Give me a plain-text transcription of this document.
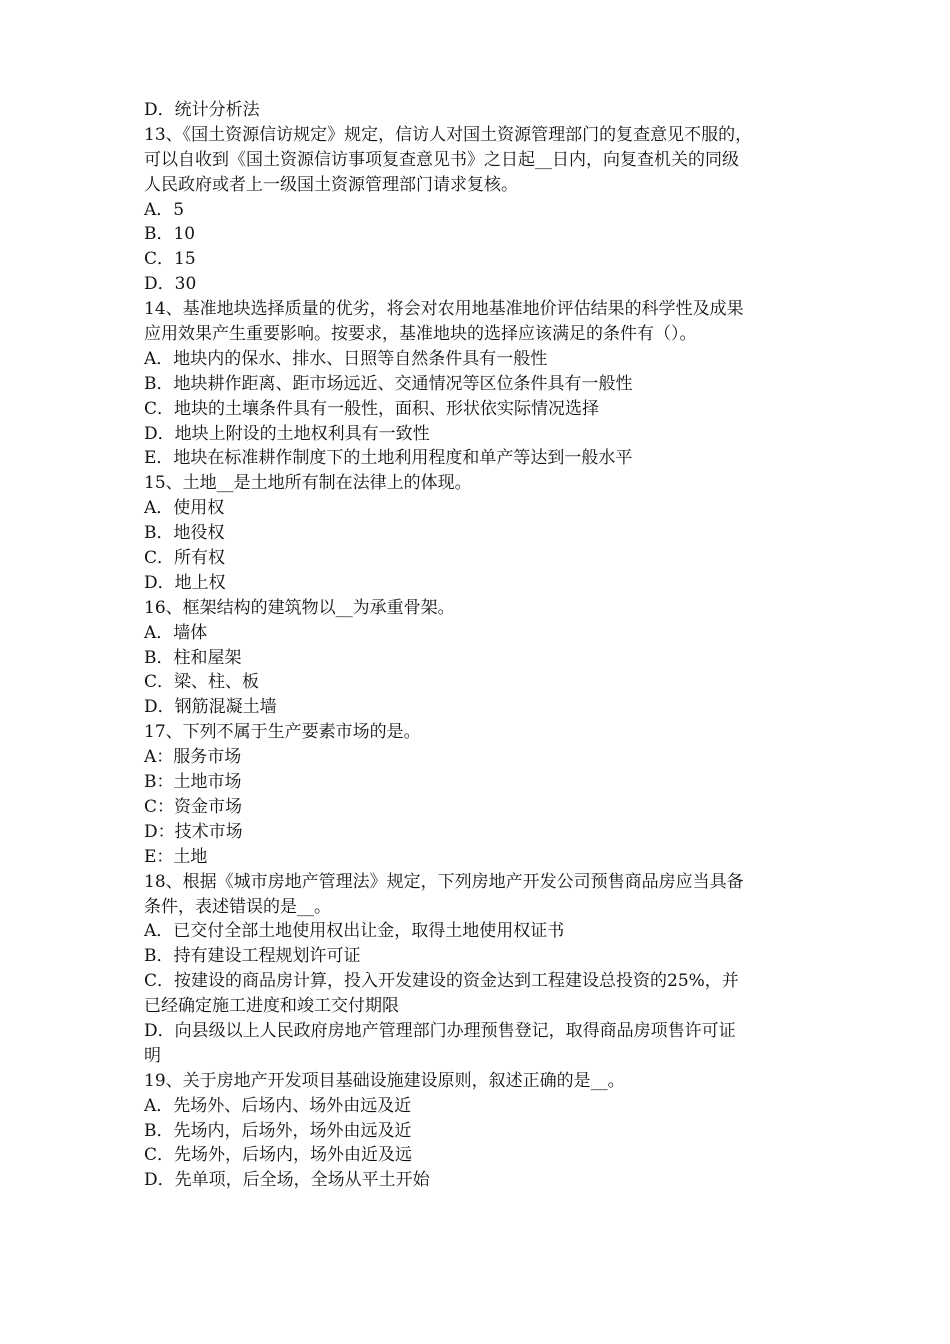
D．统计分析法
13、《国土资源信访规定》规定，信访人对国土资源管理部门的复查意见不服的，
可以自收到《国土资源信访事项复查意见书》之日起__日内，向复查机关的同级
人民政府或者上一级国土资源管理部门请求复核。
A．5
B．10
C．15
D．30
14、基准地块选择质量的优劣，将会对农用地基准地价评估结果的科学性及成果
应用效果产生重要影响。按要求，基准地块的选择应该满足的条件有（）。
A．地块内的保水、排水、日照等自然条件具有一般性
B．地块耕作距离、距市场远近、交通情况等区位条件具有一般性
C．地块的土壤条件具有一般性，面积、形状依实际情况选择
D．地块上附设的土地权利具有一致性
E．地块在标准耕作制度下的土地利用程度和单产等达到一般水平
15、土地__是土地所有制在法律上的体现。
A．使用权
B．地役权
C．所有权
D．地上权
16、框架结构的建筑物以__为承重骨架。
A．墙体
B．柱和屋架
C．梁、柱、板
D．钢筋混凝土墙
17、下列不属于生产要素市场的是。
A：服务市场
B：土地市场
C：资金市场
D：技术市场
E：土地
18、根据《城市房地产管理法》规定，下列房地产开发公司预售商品房应当具备
条件，表述错误的是__。
A．已交付全部土地使用权出让金，取得土地使用权证书
B．持有建设工程规划许可证
C．按建设的商品房计算，投入开发建设的资金达到工程建设总投资的25%，并
已经确定施工进度和竣工交付期限
D．向县级以上人民政府房地产管理部门办理预售登记，取得商品房项售许可证
明
19、关于房地产开发项目基础设施建设原则，叙述正确的是__。
A．先场外、后场内、场外由远及近
B．先场内，后场外，场外由远及近
C．先场外，后场内，场外由近及远
D．先单项，后全场，全场从平土开始
